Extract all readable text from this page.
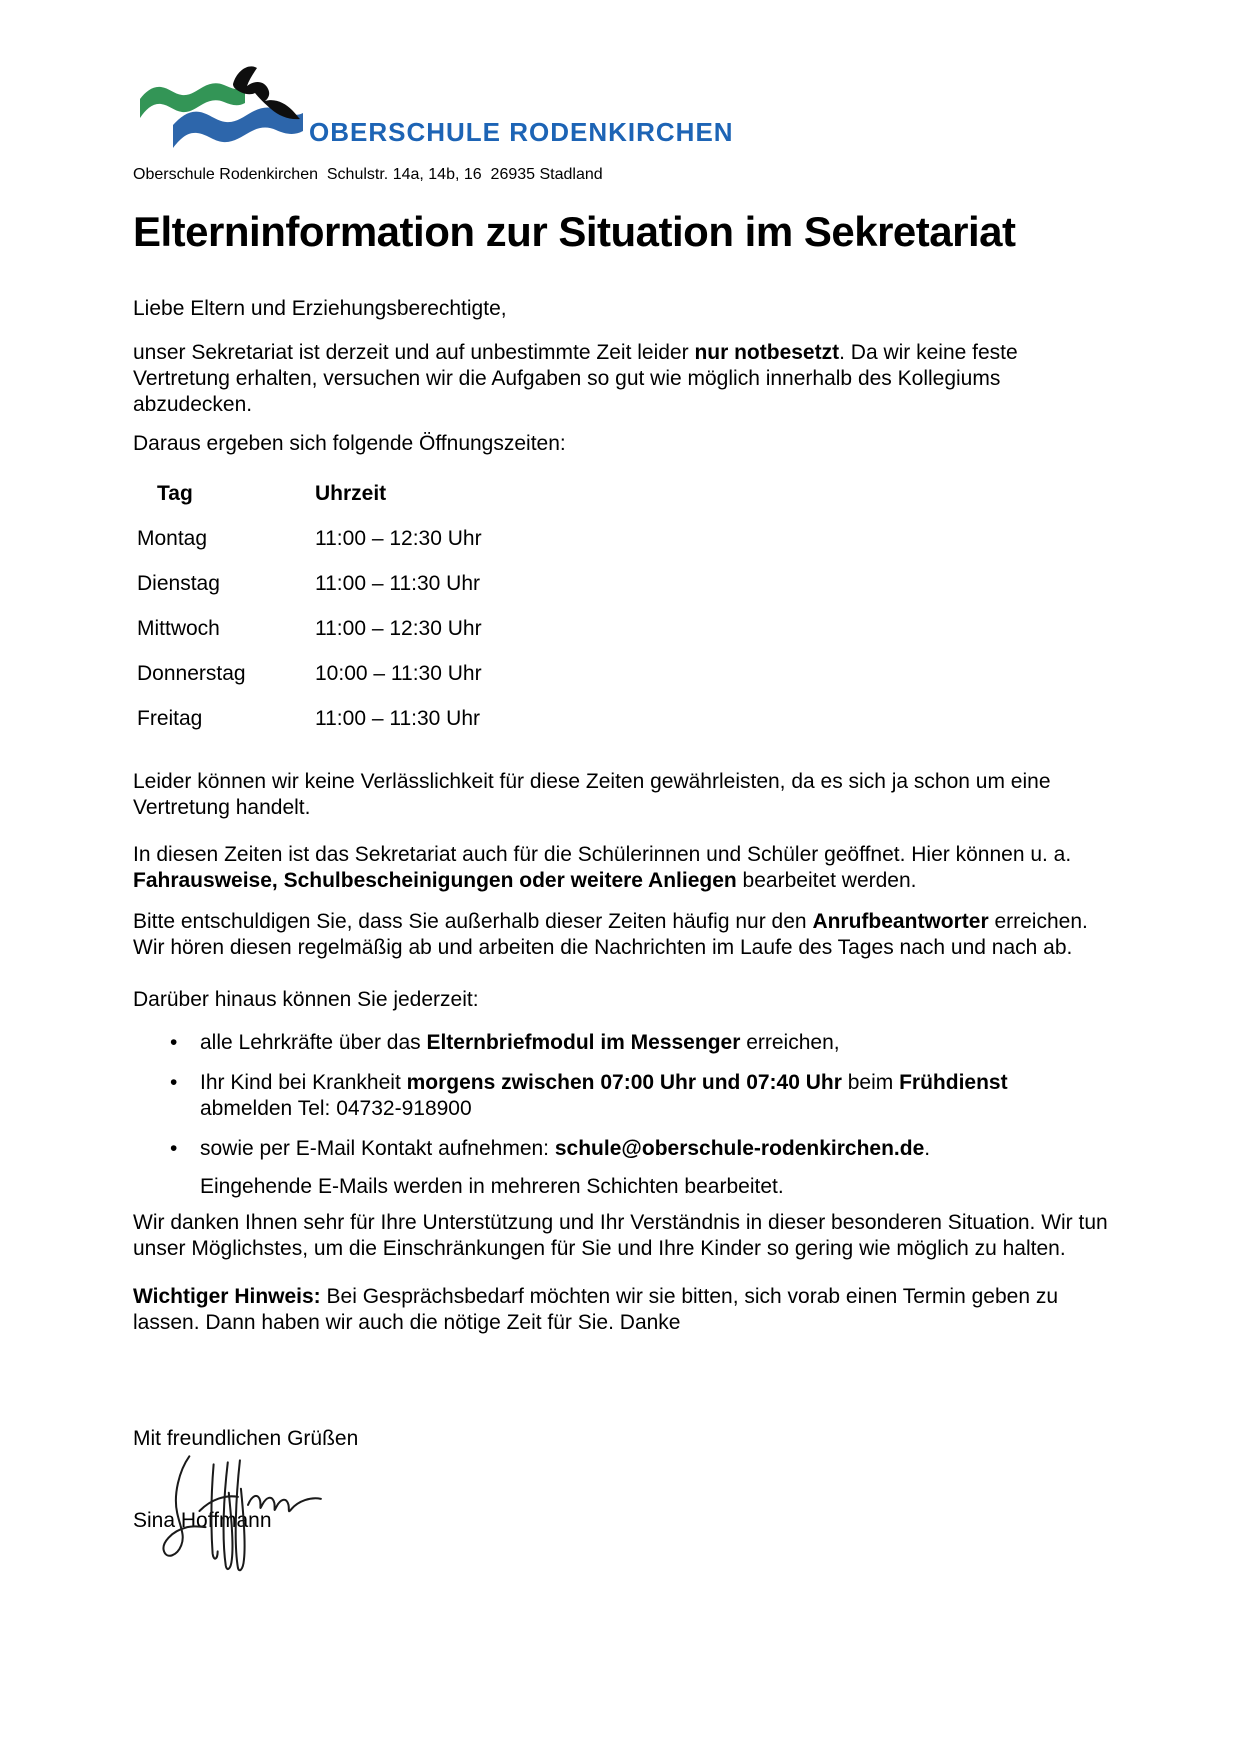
OBERSCHULE RODENKIRCHEN
Oberschule Rodenkirchen  Schulstr. 14a, 14b, 16  26935 Stadland
Elterninformation zur Situation im Sekretariat

Liebe Eltern und Erziehungsberechtigte,

unser Sekretariat ist derzeit und auf unbestimmte Zeit leider nur notbesetzt. Da wir keine feste Vertretung erhalten, versuchen wir die Aufgaben so gut wie möglich innerhalb des Kollegiums abzudecken.

Daraus ergeben sich folgende Öffnungszeiten:

Tag	Uhrzeit
Montag	11:00 – 12:30 Uhr
Dienstag	11:00 – 11:30 Uhr
Mittwoch	11:00 – 12:30 Uhr
Donnerstag	10:00 – 11:30 Uhr
Freitag	11:00 – 11:30 Uhr

Leider können wir keine Verlässlichkeit für diese Zeiten gewährleisten, da es sich ja schon um eine Vertretung handelt.

In diesen Zeiten ist das Sekretariat auch für die Schülerinnen und Schüler geöffnet. Hier können u. a. Fahrausweise, Schulbescheinigungen oder weitere Anliegen bearbeitet werden.

Bitte entschuldigen Sie, dass Sie außerhalb dieser Zeiten häufig nur den Anrufbeantworter erreichen. Wir hören diesen regelmäßig ab und arbeiten die Nachrichten im Laufe des Tages nach und nach ab.

Darüber hinaus können Sie jederzeit:

•	alle Lehrkräfte über das Elternbriefmodul im Messenger erreichen,
•	Ihr Kind bei Krankheit morgens zwischen 07:00 Uhr und 07:40 Uhr beim Frühdienst abmelden Tel: 04732-918900
•	sowie per E-Mail Kontakt aufnehmen: schule@oberschule-rodenkirchen.de.

Eingehende E-Mails werden in mehreren Schichten bearbeitet.

Wir danken Ihnen sehr für Ihre Unterstützung und Ihr Verständnis in dieser besonderen Situation. Wir tun unser Möglichstes, um die Einschränkungen für Sie und Ihre Kinder so gering wie möglich zu halten.

Wichtiger Hinweis: Bei Gesprächsbedarf möchten wir sie bitten, sich vorab einen Termin geben zu lassen. Dann haben wir auch die nötige Zeit für Sie. Danke

Mit freundlichen Grüßen

Sina Hoffmann
